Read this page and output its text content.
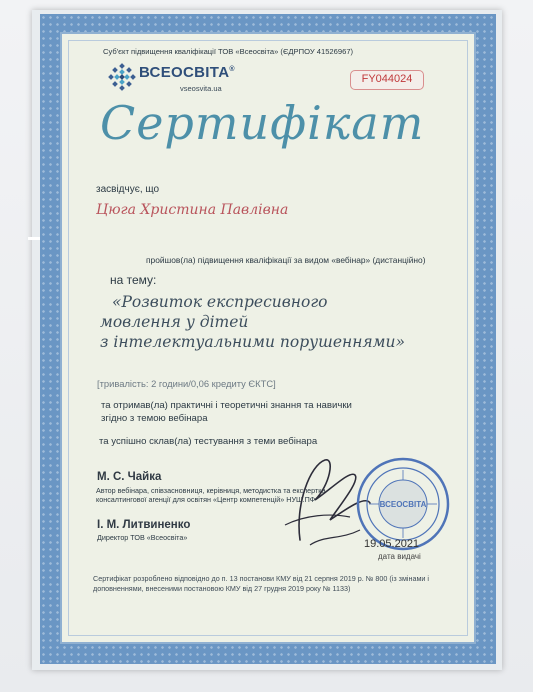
Суб'єкт підвищення кваліфікації ТОВ «Всеосвіта» (ЄДРПОУ 41526967)
ВСЕОСВІТА®
vseosvita.ua
FY044024
Сертифікат
засвідчує, що
Цюга Христина Павлівна
пройшов(ла) підвищення кваліфікації за видом «вебінар» (дистанційно)
на тему:
«Розвиток експресивного
мовлення у дітей
з інтелектуальними порушеннями»
[тривалість: 2 години/0,06 кредиту ЄКТС]
та отримав(ла) практичні і теоретичні знання та навички згідно з темою вебінара
та успішно склав(ла) тестування з теми вебінара
М. С. Чайка
Автор вебінара, співзасновниця, керівниця, методистка та експертка консалтингової агенції для освітян «Центр компетенцій» НУШ.ПФ
І. М. Литвиненко
Директор ТОВ «Всеосвіта»
ВСЕОСВІТА
19.05.2021
дата видачі
Сертифікат розроблено відповідно до п. 13 постанови КМУ від 21 серпня 2019 р. № 800 (із змінами і доповненнями, внесеними постановою КМУ від 27 грудня 2019 року № 1133)
